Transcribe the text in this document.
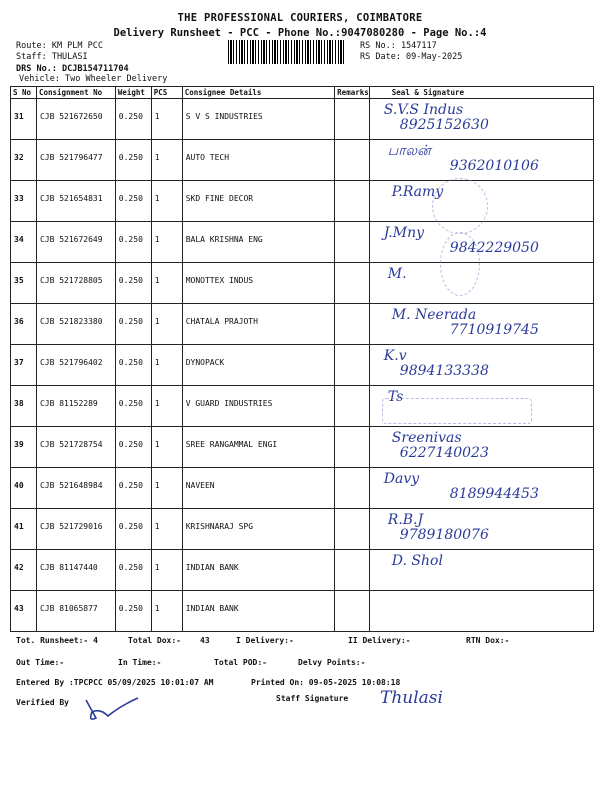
THE PROFESSIONAL COURIERS, COIMBATORE
Delivery Runsheet - PCC - Phone No.:9047080280 - Page No.:4
Route: KM PLM PCC
Staff: THULASI
DRS No.: DCJB154711704
Vehicle: Two Wheeler Delivery
RS No.: 1547117
RS Date: 09-May-2025
S No	Consignment No	Weight	PCS	Consignee Details	Remarks	Seal & Signature
31	CJB 521672650	0.250	1	S V S INDUSTRIES		S.V.S Indus
8925152630

32	CJB 521796477	0.250	1	AUTO TECH		பாலன்
9362010106

33	CJB 521654831	0.250	1	SKD FINE DECOR		P.Ramy

34	CJB 521672649	0.250	1	BALA KRISHNA ENG		J.Mny
9842229050

35	CJB 521728805	0.250	1	MONOTTEX INDUS		M.

36	CJB 521823380	0.250	1	CHATALA PRAJOTH		M. Neerada
7710919745

37	CJB 521796402	0.250	1	DYNOPACK		K.v
9894133338

38	CJB 81152289	0.250	1	V GUARD INDUSTRIES		Ts

39	CJB 521728754	0.250	1	SREE RANGAMMAL ENGI		Sreenivas
6227140023

40	CJB 521648984	0.250	1	NAVEEN		Davy
8189944453

41	CJB 521729016	0.250	1	KRISHNARAJ SPG		R.B.J
9789180076

42	CJB 81147440	0.250	1	INDIAN BANK		D. Shol

43	CJB 81065877	0.250	1	INDIAN BANK		
Tot. Runsheet:- 4	Total Dox:- 43	I Delivery:-	II Delivery:-	RTN Dox:-
Out Time:-	In Time:-	Total POD:-	Delvy Points:-
Entered By :TPCPCC 05/09/2025 10:01:07 AM	Printed On: 09-05-2025 10:08:18
Verified By	Staff Signature Thulasi
